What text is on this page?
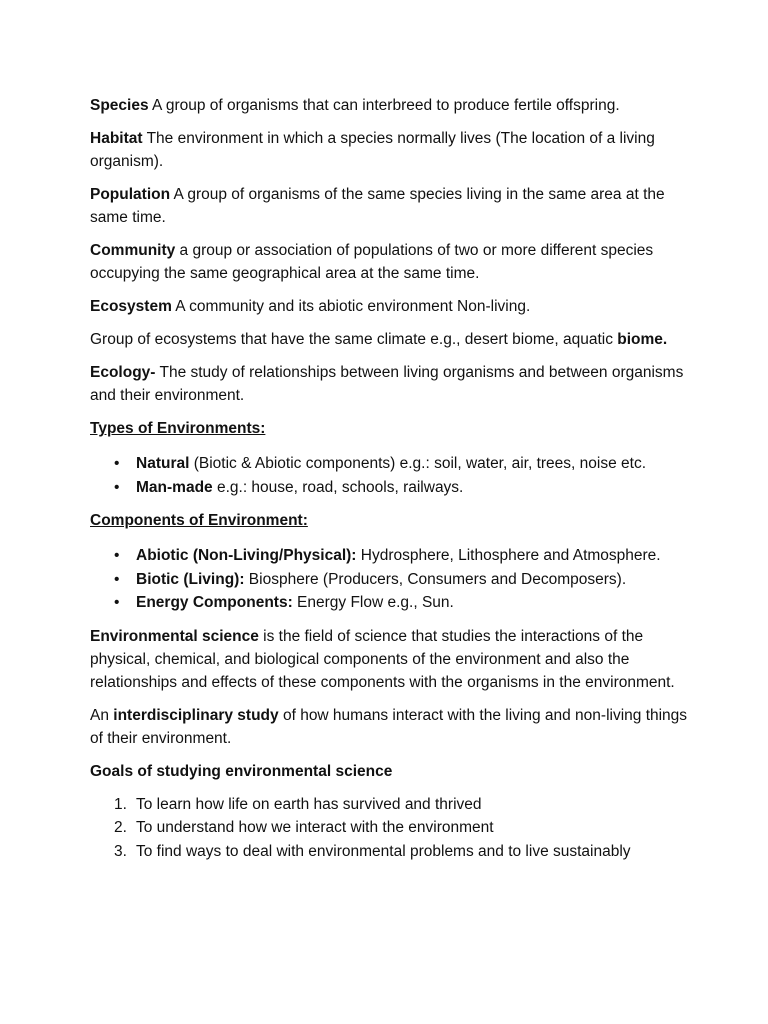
Species A group of organisms that can interbreed to produce fertile offspring.

Habitat The environment in which a species normally lives (The location of a living organism).

Population A group of organisms of the same species living in the same area at the same time.

Community a group or association of populations of two or more different species occupying the same geographical area at the same time.

Ecosystem A community and its abiotic environment Non-living.

Group of ecosystems that have the same climate e.g., desert biome, aquatic biome.

Ecology- The study of relationships between living organisms and between organisms and their environment.

Types of Environments:

• Natural (Biotic & Abiotic components) e.g.: soil, water, air, trees, noise etc.
• Man-made e.g.: house, road, schools, railways.

Components of Environment:

• Abiotic (Non-Living/Physical): Hydrosphere, Lithosphere and Atmosphere.
• Biotic (Living): Biosphere (Producers, Consumers and Decomposers).
• Energy Components: Energy Flow e.g., Sun.

Environmental science is the field of science that studies the interactions of the physical, chemical, and biological components of the environment and also the relationships and effects of these components with the organisms in the environment.

An interdisciplinary study of how humans interact with the living and non-living things of their environment.

Goals of studying environmental science

1. To learn how life on earth has survived and thrived
2. To understand how we interact with the environment
3. To find ways to deal with environmental problems and to live sustainably
